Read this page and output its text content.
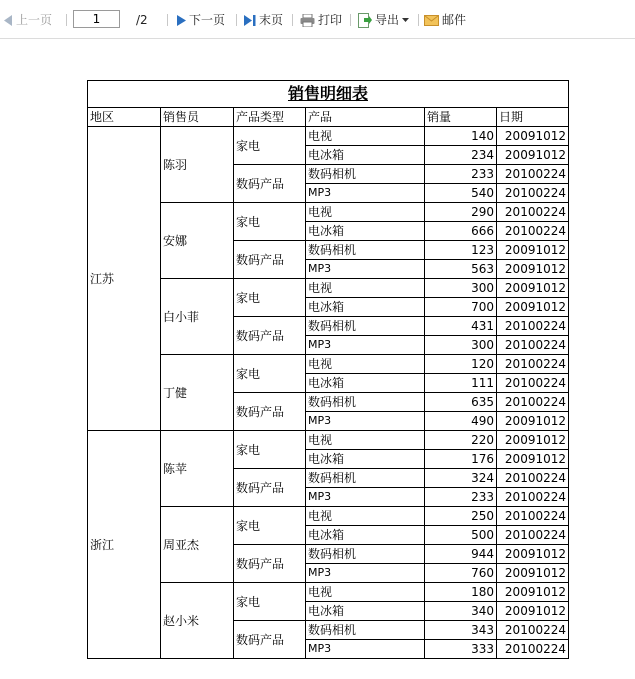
上一页
1	/2	下一页	末页	打印	导出	邮件
销售明细表					
地区	销售员	产品类型	产品	销量	日期
江苏	陈羽	家电	电视	140	20091012
			电冰箱	234	20091012
		数码产品	数码相机	233	20100224
			MP3	540	20100224
	安娜	家电	电视	290	20100224
			电冰箱	666	20100224
		数码产品	数码相机	123	20091012
			MP3	563	20091012
	白小菲	家电	电视	300	20091012
			电冰箱	700	20091012
		数码产品	数码相机	431	20100224
			MP3	300	20100224
	丁健	家电	电视	120	20100224
			电冰箱	111	20100224
		数码产品	数码相机	635	20100224
			MP3	490	20091012
浙江	陈苹	家电	电视	220	20091012
			电冰箱	176	20091012
		数码产品	数码相机	324	20100224
			MP3	233	20100224
	周亚杰	家电	电视	250	20100224
			电冰箱	500	20100224
		数码产品	数码相机	944	20091012
			MP3	760	20091012
	赵小米	家电	电视	180	20091012
			电冰箱	340	20091012
		数码产品	数码相机	343	20100224
			MP3	333	20100224
